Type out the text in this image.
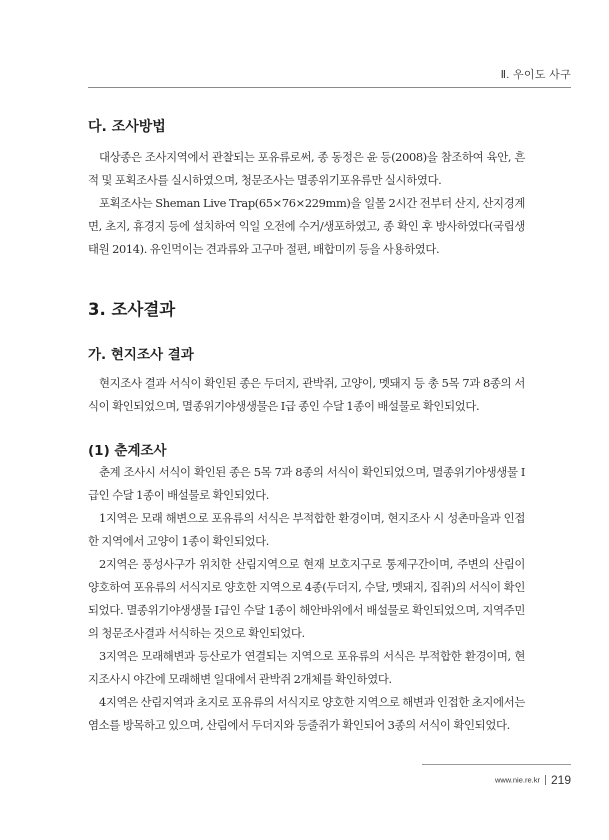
Ⅱ. 우이도 사구
다. 조사방법

대상종은 조사지역에서 관찰되는 포유류로써, 종 동정은 윤 등(2008)을 참조하여 육안, 흔적 및 포획조사를 실시하였으며, 청문조사는 멸종위기포유류만 실시하였다.

포획조사는 Sheman Live Trap(65×76×229mm)을 일몰 2시간 전부터 산지, 산지경계면, 초지, 휴경지 등에 설치하여 익일 오전에 수거/생포하였고, 종 확인 후 방사하였다(국립생태원 2014). 유인먹이는 견과류와 고구마 절편, 배합미끼 등을 사용하였다.

3. 조사결과
가. 현지조사 결과

현지조사 결과 서식이 확인된 종은 두더지, 관박쥐, 고양이, 멧돼지 등 총 5목 7과 8종의 서식이 확인되었으며, 멸종위기야생생물은 Ⅰ급 종인 수달 1종이 배설물로 확인되었다.

(1) 춘계조사

춘계 조사시 서식이 확인된 종은 5목 7과 8종의 서식이 확인되었으며, 멸종위기야생생물 Ⅰ급인 수달 1종이 배설물로 확인되었다.

1지역은 모래 해변으로 포유류의 서식은 부적합한 환경이며, 현지조사 시 성촌마을과 인접한 지역에서 고양이 1종이 확인되었다.

2지역은 풍성사구가 위치한 산림지역으로 현재 보호지구로 통제구간이며, 주변의 산림이 양호하여 포유류의 서식지로 양호한 지역으로 4종(두더지, 수달, 멧돼지, 집쥐)의 서식이 확인되었다. 멸종위기야생생물 Ⅰ급인 수달 1종이 해안바위에서 배설물로 확인되었으며, 지역주민의 청문조사결과 서식하는 것으로 확인되었다.

3지역은 모래해변과 등산로가 연결되는 지역으로 포유류의 서식은 부적합한 환경이며, 현지조사시 야간에 모래해변 일대에서 관박쥐 2개체를 확인하였다.

4지역은 산림지역과 초지로 포유류의 서식지로 양호한 지역으로 해변과 인접한 초지에서는 염소를 방목하고 있으며, 산림에서 두더지와 등줄쥐가 확인되어 3종의 서식이 확인되었다.

www.nie.re.kr 219
